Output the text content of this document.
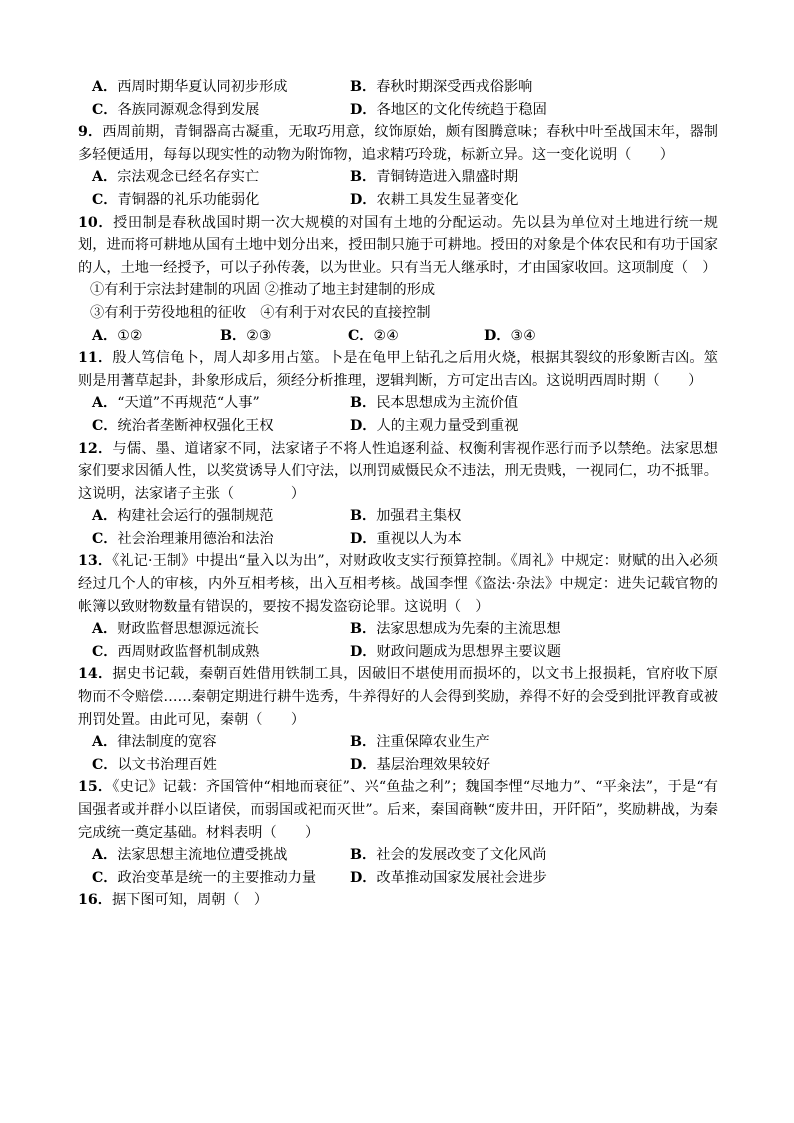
A．西周时期华夏认同初步形成	B．春秋时期深受西戎俗影响
C．各族同源观念得到发展	D．各地区的文化传统趋于稳固

9．西周前期，青铜器高古凝重，无取巧用意，纹饰原始，颇有图腾意味；春秋中叶至战国末年，器制多轻便适用，每每以现实性的动物为附饰物，追求精巧玲珑，标新立异。这一变化说明（　　）

A．宗法观念已经名存实亡	B．青铜铸造进入鼎盛时期
C．青铜器的礼乐功能弱化	D．农耕工具发生显著变化

10．授田制是春秋战国时期一次大规模的对国有土地的分配运动。先以县为单位对土地进行统一规划，进而将可耕地从国有土地中划分出来，授田制只施于可耕地。授田的对象是个体农民和有功于国家的人，土地一经授予，可以子孙传袭，以为世业。只有当无人继承时，才由国家收回。这项制度（　）

①有利于宗法封建制的巩固 ②推动了地主封建制的形成

③有利于劳役地租的征收　④有利于对农民的直接控制

A．①②	B．②③	C．②④	D．③④

11．殷人笃信龟卜，周人却多用占筮。卜是在龟甲上钻孔之后用火烧，根据其裂纹的形象断吉凶。筮则是用蓍草起卦，卦象形成后，须经分析推理，逻辑判断，方可定出吉凶。这说明西周时期（　　）

A．“天道”不再规范“人事”	B．民本思想成为主流价值
C．统治者垄断神权强化王权	D．人的主观力量受到重视

12．与儒、墨、道诸家不同，法家诸子不将人性追逐利益、权衡利害视作恶行而予以禁绝。法家思想家们要求因循人性，以奖赏诱导人们守法，以刑罚威慑民众不违法，刑无贵贱，一视同仁，功不抵罪。这说明，法家诸子主张（　　　　）

A．构建社会运行的强制规范	B．加强君主集权
C．社会治理兼用德治和法治	D．重视以人为本

13．《礼记·王制》中提出“量入以为出”，对财政收支实行预算控制。《周礼》中规定：财赋的出入必须经过几个人的审核，内外互相考核，出入互相考核。战国李悝《盗法·杂法》中规定：进失记载官物的帐簿以致财物数量有错误的，要按不揭发盗窃论罪。这说明（　）

A．财政监督思想源远流长	B．法家思想成为先秦的主流思想
C．西周财政监督机制成熟	D．财政问题成为思想界主要议题

14．据史书记载，秦朝百姓借用铁制工具，因破旧不堪使用而损坏的，以文书上报损耗，官府收下原物而不令赔偿……秦朝定期进行耕牛选秀，牛养得好的人会得到奖励，养得不好的会受到批评教育或被刑罚处置。由此可见，秦朝（　　）

A．律法制度的宽容	B．注重保障农业生产
C．以文书治理百姓	D．基层治理效果较好

15．《史记》记载：齐国管仲“相地而衰征”、兴“鱼盐之利”；魏国李悝“尽地力”、“平籴法”，于是“有国强者或并群小以臣诸侯，而弱国或祀而灭世”。后来，秦国商鞅“废井田，开阡陌”，奖励耕战，为秦完成统一奠定基础。材料表明（　　）

A．法家思想主流地位遭受挑战	B．社会的发展改变了文化风尚
C．政治变革是统一的主要推动力量	D．改革推动国家发展社会进步

16．据下图可知，周朝（　）
